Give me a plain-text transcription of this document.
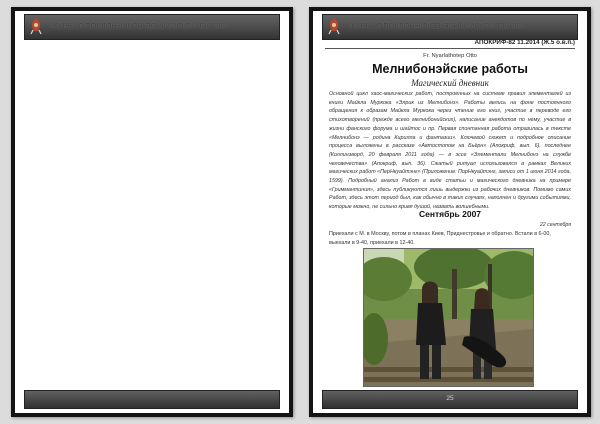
ЖУРНАЛ ПОКЛОННИКОВ ЭЛЬФИЙСКОЙ СКАЗКИ	ЖУРНАЛ ПОКЛОННИКОВ ЭЛЬФИЙСКОЙ СКАЗКИ
АПОКРИФ-82 11.2014 (Ж.5 о.в.п.)
Fr. Nyarlathotep Otto
Мелнибонэйские работы
Магический дневник
Основной цикл хаос-магических работ, построенных на системе правил элементалей из книги Майкла Муркока «Элрик из Мелнибонэ». Работы велись на фоне постоянного обращения к образам Майкла Муркока через чтение его книг, участие в переводе его стихотворений (прежде всего мелнибонийских), написание анекдотов по нему, участие в жизни фанского форума и шайтос и пр. Первая спонтанная работа отразилась в тексте «Мелнибонэ — родина Кирилла и фантазии». Ключевой сюжет и подробное описание процесса выложены в рассказе «Автостопом на Бьёрн» (Апокриф, вып. 6), последнее (Коллинзворд, 20 февраля 2011 года) — в эссе «Элементали Мелнибонэ на службе человечества» (Апокриф, вып. 36). Сжатый ритуал использовался в рамках Великих магических работ «ПерНкуайтэнг» (Приложение: ПорНкуайтэнг, записи от 1 июня 2014 года, 1599). Подробный анализ Работ в виде статьи и магического дневника на примере «Гриммантиния», здесь публикуются лишь выдержки из рабочих дневников. Помимо самих Работ, здесь этот период был, как обычно в таких случаях, наполнен и другими событиями, которые можно, не сильно кривя душой, назвать волшебными.
Сентябрь 2007
22 сентября
Приехали с М. в Москву, потом в планах Киев, Приднестровье и обратно. Встали в 6-00, выехали в 9-40, приехали в 12-40.
25
